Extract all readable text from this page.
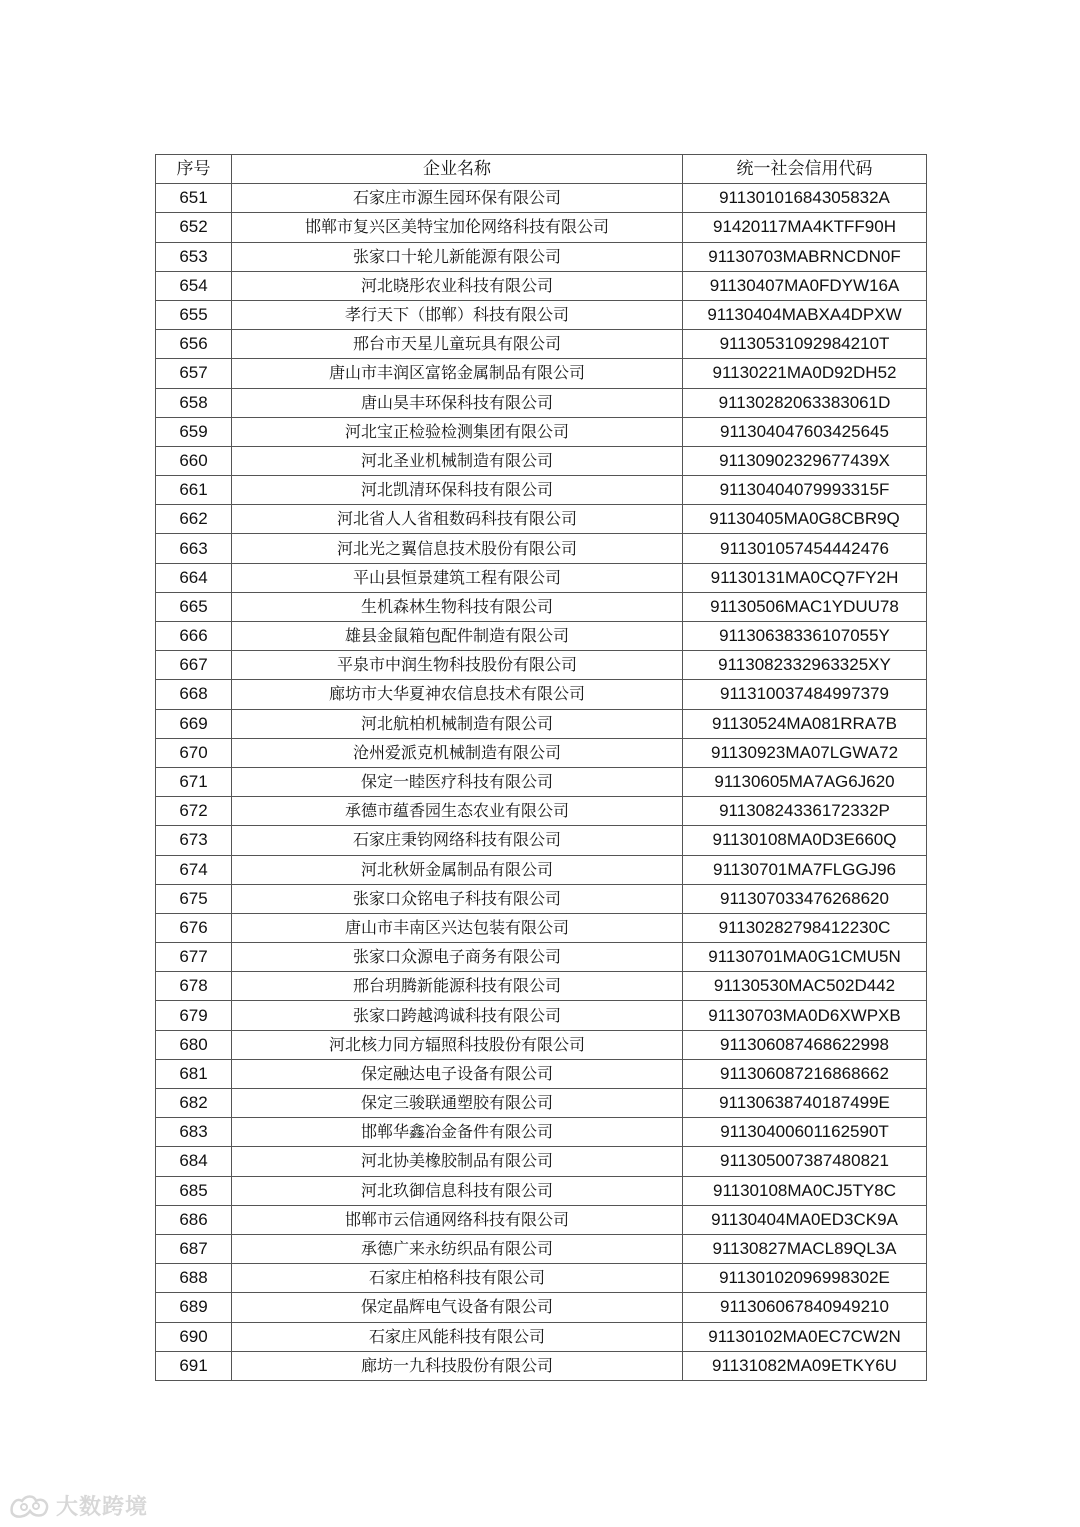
序号	企业名称	统一社会信用代码
651	石家庄市源生园环保有限公司	91130101684305832A
652	邯郸市复兴区美特宝加伦网络科技有限公司	91420117MA4KTFF90H
653	张家口十轮儿新能源有限公司	91130703MABRNCDN0F
654	河北晓彤农业科技有限公司	91130407MA0FDYW16A
655	孝行天下（邯郸）科技有限公司	91130404MABXA4DPXW
656	邢台市天星儿童玩具有限公司	911305310929842​10T
657	唐山市丰润区富铭金属制品有限公司	91130221MA0D92DH52
658	唐山昊丰环保科技有限公司	91130282063383061D
659	河北宝正检验检测集团有限公司	911304047603425645
660	河北圣业机械制造有限公司	91130902329677439X
661	河北凯清环保科技有限公司	91130404079993315F
662	河北省人人省租数码科技有限公司	91130405MA0G8CBR9Q
663	河北光之翼信息技术股份有限公司	911301057454442476
664	平山县恒景建筑工程有限公司	91130131MA0CQ7FY2H
665	生机森林生物科技有限公司	91130506MAC1YDUU78
666	雄县金鼠箱包配件制造有限公司	91130638336107055Y
667	平泉市中润生物科技股份有限公司	9113082332963325XY
668	廊坊市大华夏神农信息技术有限公司	911310037484997379
669	河北航柏机械制造有限公司	91130524MA081RRA7B
670	沧州爱派克机械制造有限公司	91130923MA07LGWA72
671	保定一睦医疗科技有限公司	91130605MA7AG6J620
672	承德市蕴香园生态农业有限公司	91130824336172332P
673	石家庄秉钧网络科技有限公司	91130108MA0D3E660Q
674	河北秋妍金属制品有限公司	91130701MA7FLGGJ96
675	张家口众铭电子科技有限公司	911307033476268620
676	唐山市丰南区兴达包装有限公司	91130282798412230C
677	张家口众源电子商务有限公司	91130701MA0G1CMU5N
678	邢台玥腾新能源科技有限公司	91130530MAC502D442
679	张家口跨越鸿诚科技有限公司	91130703MA0D6XWPXB
680	河北核力同方辐照科技股份有限公司	911306087468622998
681	保定融达电子设备有限公司	911306087216868662
682	保定三骏联通塑胶有限公司	91130638740187499E
683	邯郸华鑫冶金备件有限公司	91130400601162590T
684	河北协美橡胶制品有限公司	911305007387480821
685	河北玖御信息科技有限公司	91130108MA0CJ5TY8C
686	邯郸市云信通网络科技有限公司	91130404MA0ED3CK9A
687	承德广来永纺织品有限公司	91130827MACL89QL3A
688	石家庄柏格科技有限公司	91130102096998302E
689	保定晶辉电气设备有限公司	911306067840949210
690	石家庄风能科技有限公司	91130102MA0EC7CW2N
691	廊坊一九科技股份有限公司	91131082MA09ETKY6U
大数跨境
